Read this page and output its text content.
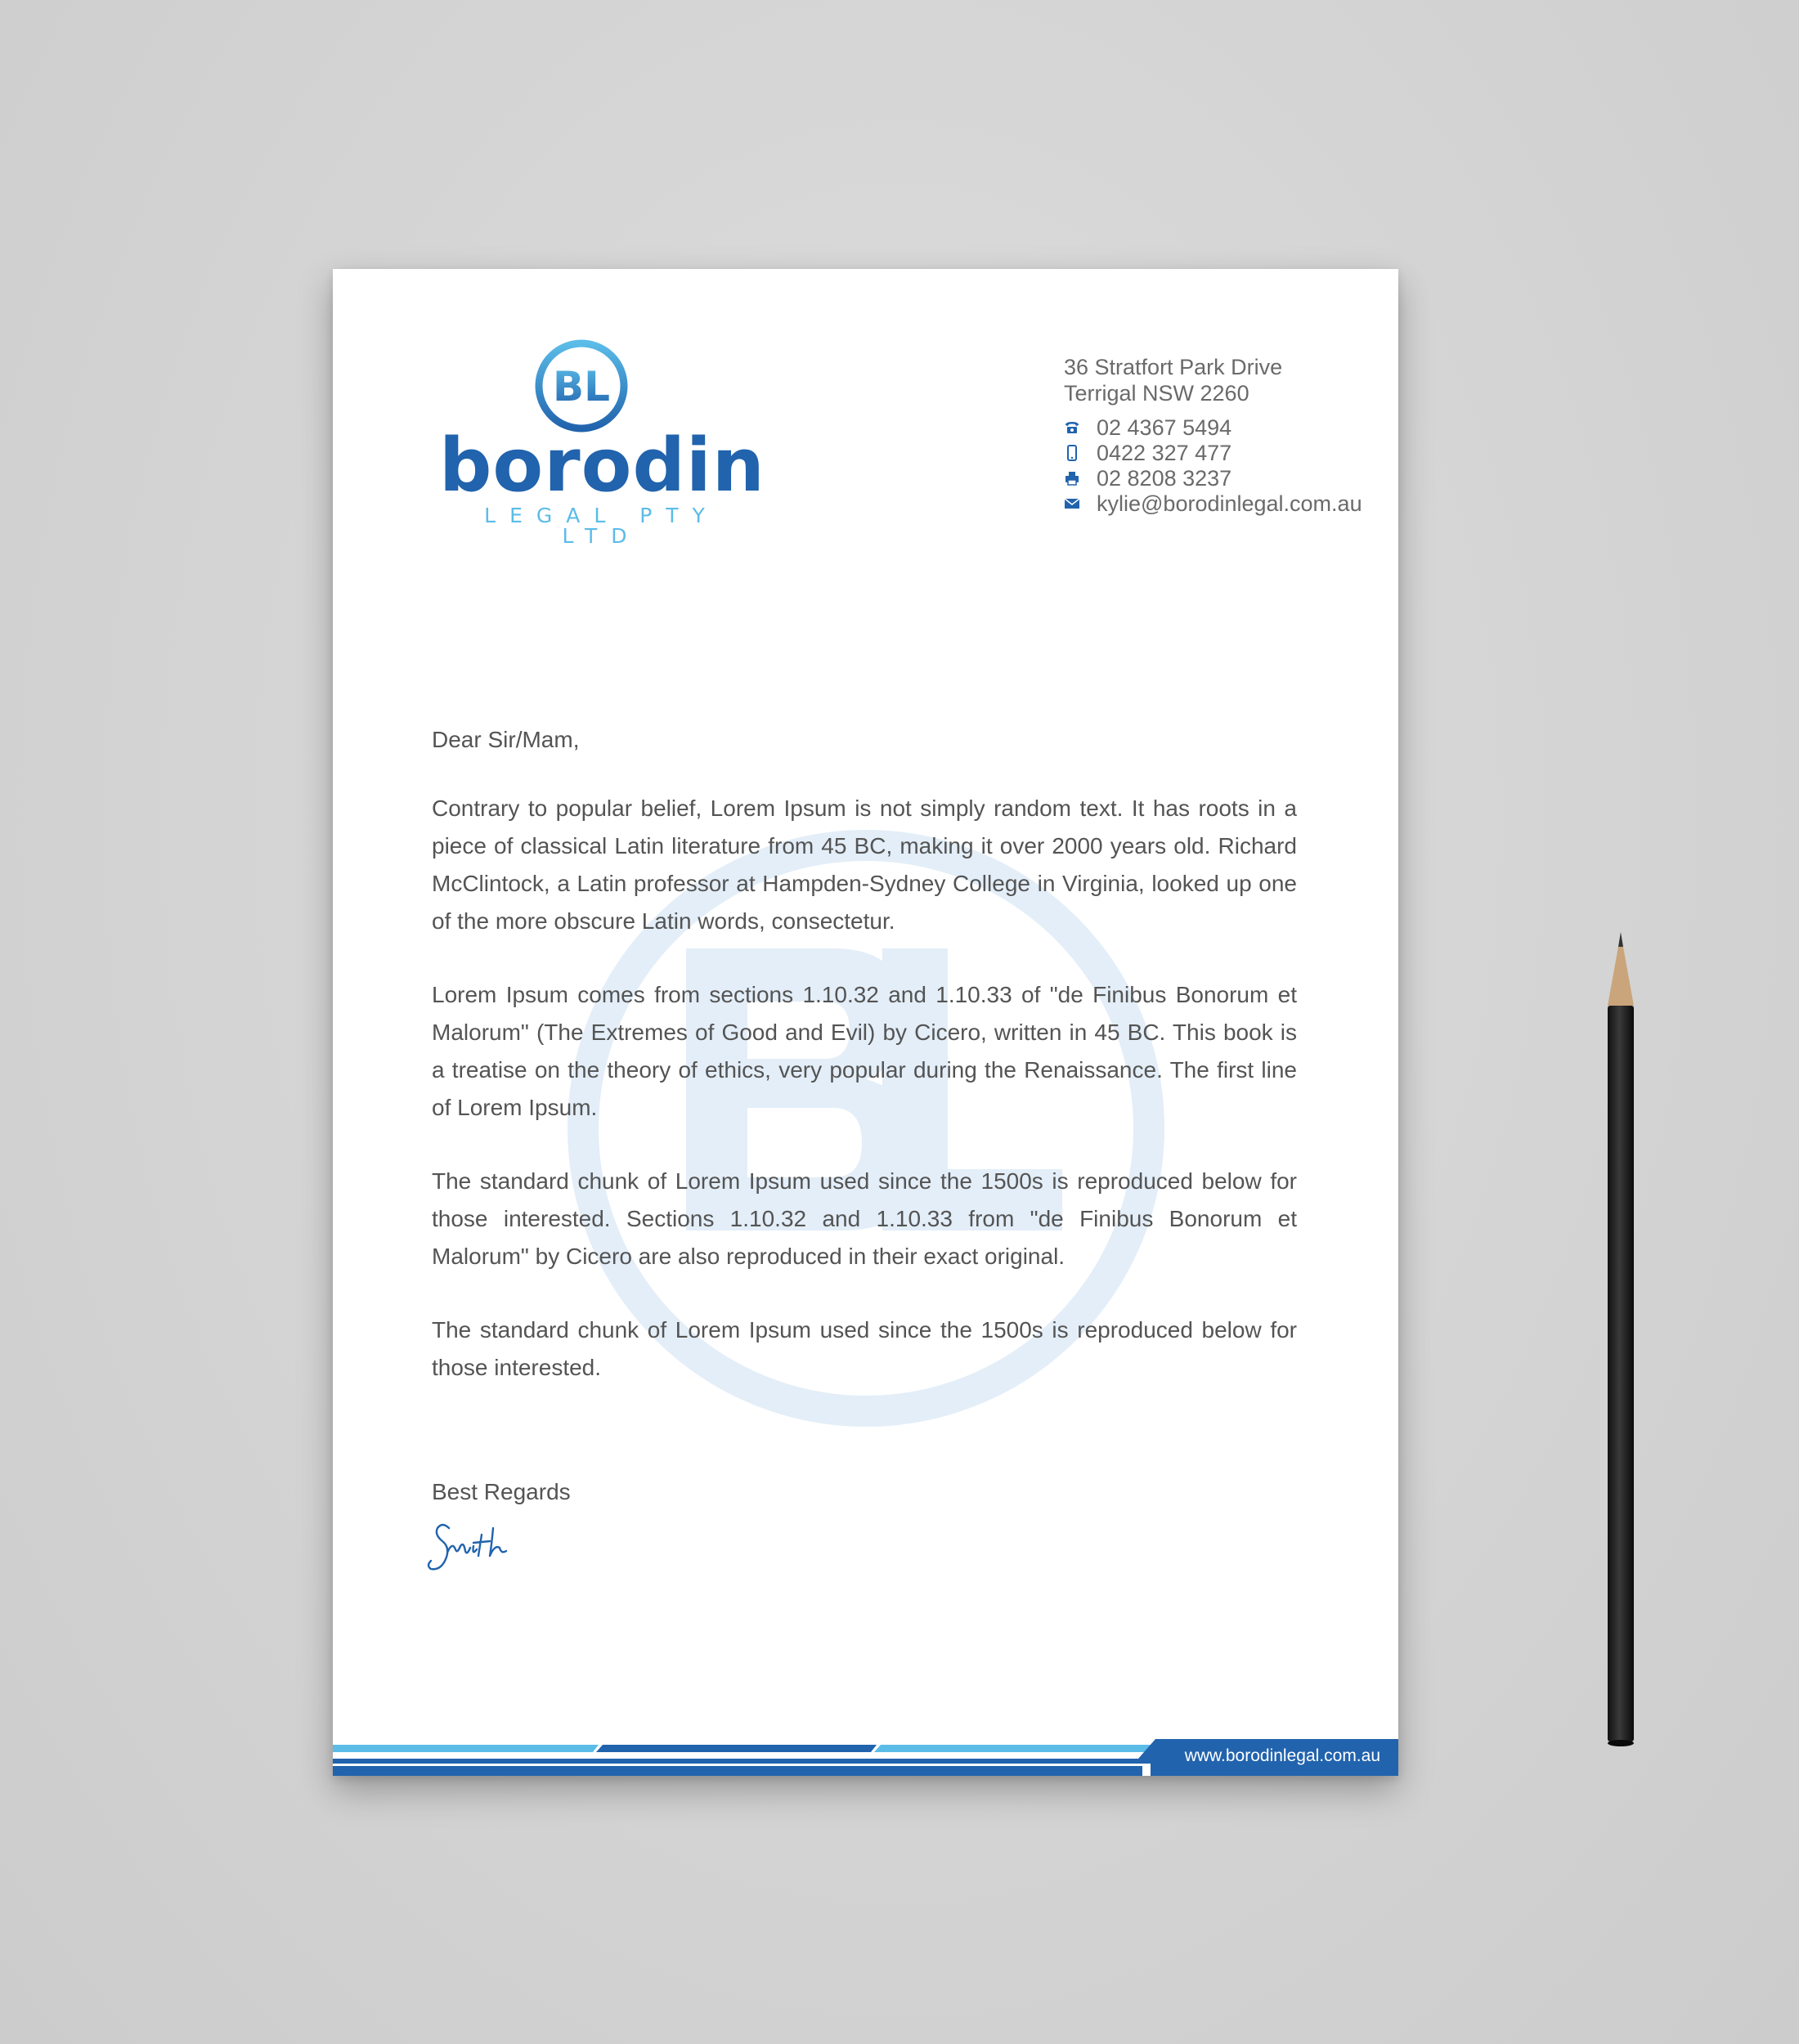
BL
borodin
LEGAL PTY LTD
36 Stratfort Park Drive
Terrigal NSW 2260
02 4367 5494
0422 327 477
02 8208 3237
kylie@borodinlegal.com.au

Dear Sir/Mam,

Contrary to popular belief, Lorem Ipsum is not simply random text. It has roots in a piece of classical Latin literature from 45 BC, making it over 2000 years old. Richard McClintock, a Latin professor at Hampden-Sydney College in Virginia, looked up one of the more obscure Latin words, consectetur.

Lorem Ipsum comes from sections 1.10.32 and 1.10.33 of "de Finibus Bonorum et Malorum" (The Extremes of Good and Evil) by Cicero, written in 45 BC. This book is a treatise on the theory of ethics, very popular during the Renaissance. The first line of Lorem Ipsum.

The standard chunk of Lorem Ipsum used since the 1500s is reproduced below for those interested. Sections 1.10.32 and 1.10.33 from "de Finibus Bonorum et Malorum" by Cicero are also reproduced in their exact original.

The standard chunk of Lorem Ipsum used since the 1500s is reproduced below for those interested.

Best Regards
www.borodinlegal.com.au
